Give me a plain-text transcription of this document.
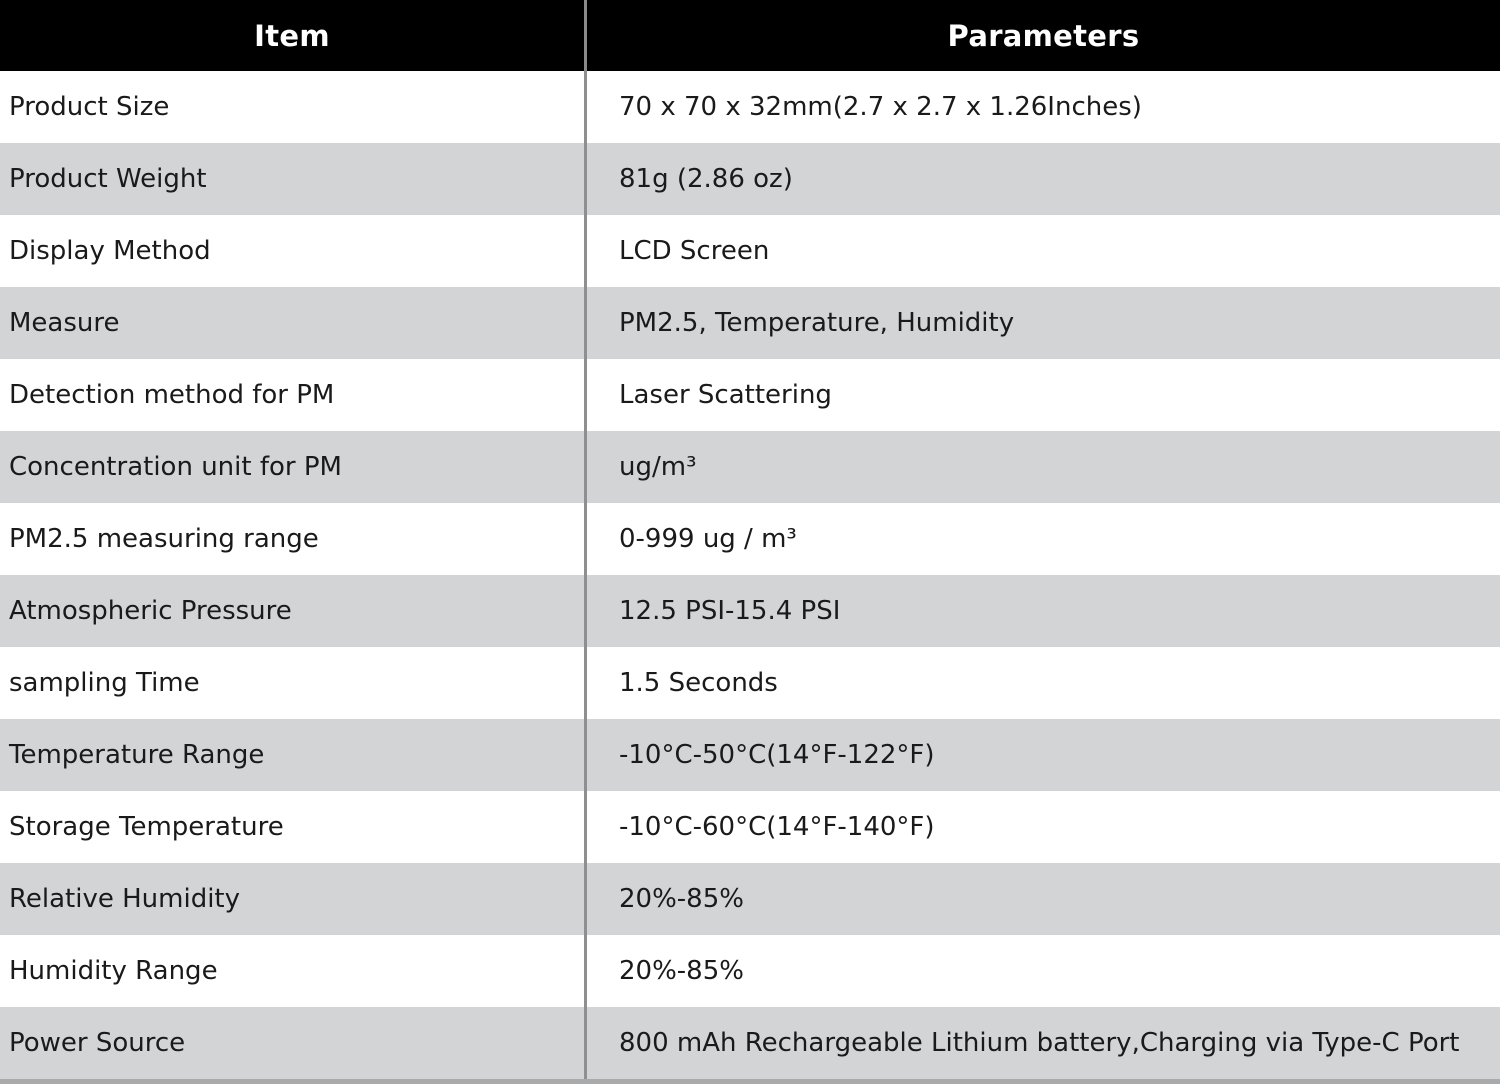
Item	Parameters
Product Size	70 x 70 x 32mm(2.7 x 2.7 x 1.26Inches)
Product Weight	81g (2.86 oz)
Display Method	LCD Screen
Measure	PM2.5, Temperature, Humidity
Detection method for PM	Laser Scattering
Concentration unit for PM	ug/m³
PM2.5 measuring range	0-999 ug / m³
Atmospheric Pressure	12.5 PSI-15.4 PSI
sampling Time	1.5 Seconds
Temperature Range	-10°C-50°C(14°F-122°F)
Storage Temperature	-10°C-60°C(14°F-140°F)
Relative Humidity	20%-85%
Humidity Range	20%-85%
Power Source	800 mAh Rechargeable Lithium battery,Charging via Type-C Port
